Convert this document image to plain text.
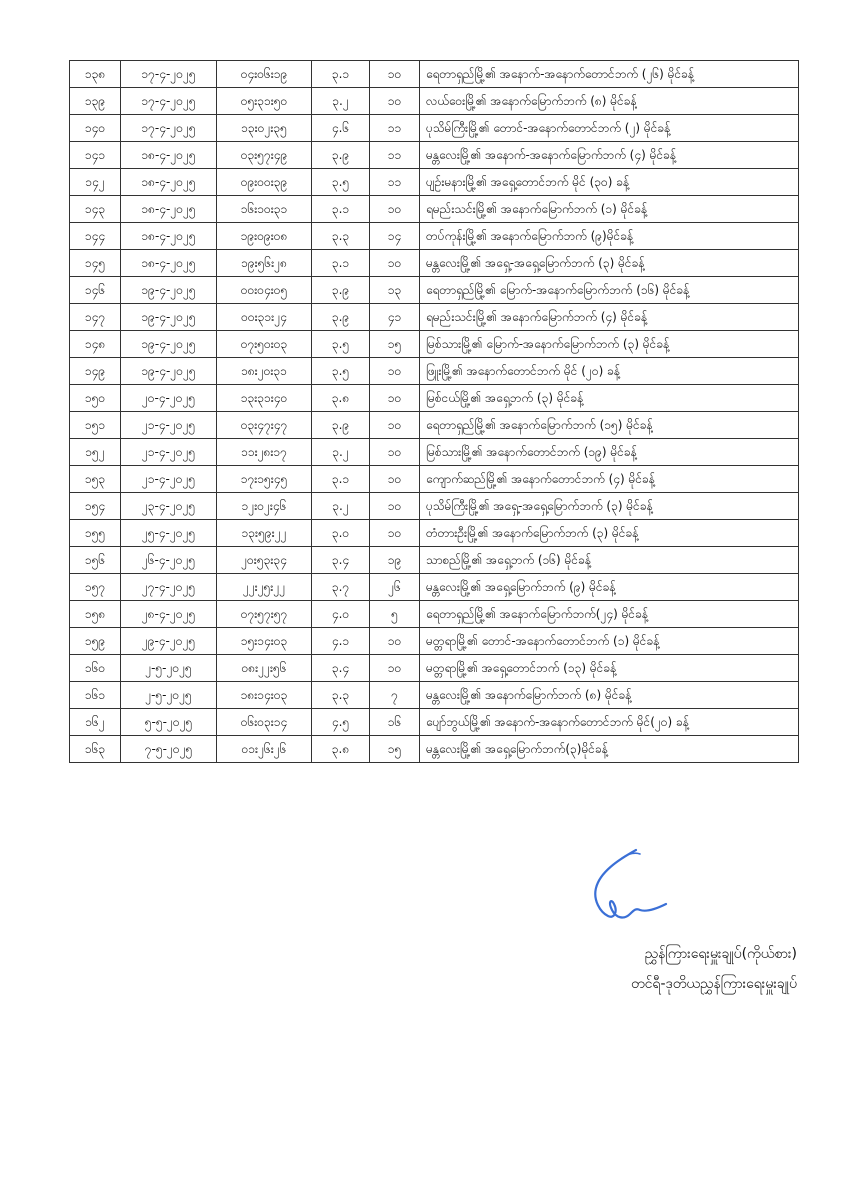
၁၃၈	၁၇-၄-၂၀၂၅	၀၄း၀၆း၁၉	၃.၁	၁၀	ရေတာရှည်မြို့၏ အနောက်-အနောက်တောင်ဘက် (၂၆) မိုင်ခန့်
၁၃၉	၁၇-၄-၂၀၂၅	၀၅း၃၁း၅၀	၃.၂	၁၀	လယ်ဝေးမြို့၏ အနောက်မြောက်ဘက် (၈) မိုင်ခန့်
၁၄၀	၁၇-၄-၂၀၂၅	၁၃း၀၂း၃၅	၄.၆	၁၁	ပုသိမ်ကြီးမြို့၏ တောင်-အနောက်တောင်ဘက် (၂) မိုင်ခန့်
၁၄၁	၁၈-၄-၂၀၂၅	၀၃း၅၇း၄၉	၃.၉	၁၁	မန္တလေးမြို့၏ အနောက်-အနောက်မြောက်ဘက် (၄) မိုင်ခန့်
၁၄၂	၁၈-၄-၂၀၂၅	၀၉း၀၀း၃၉	၃.၅	၁၁	ပျဉ်းမနားမြို့၏ အရှေ့တောင်ဘက် မိုင် (၃၀) ခန့်
၁၄၃	၁၈-၄-၂၀၂၅	၁၆း၁၀း၃၁	၃.၁	၁၀	ရမည်းသင်းမြို့၏ အနောက်မြောက်ဘက် (၁) မိုင်ခန့်
၁၄၄	၁၈-၄-၂၀၂၅	၁၉း၀၉း၀၈	၃.၃	၁၄	တပ်ကုန်းမြို့၏ အနောက်မြောက်ဘက် (၉)မိုင်ခန့်
၁၄၅	၁၈-၄-၂၀၂၅	၁၉း၅၆း၂၈	၃.၁	၁၀	မန္တလေးမြို့၏ အရှေ့-အရှေ့မြောက်ဘက် (၃) မိုင်ခန့်
၁၄၆	၁၉-၄-၂၀၂၅	၀၀း၀၄း၀၅	၃.၉	၁၃	ရေတာရှည်မြို့၏ မြောက်-အနောက်မြောက်ဘက် (၁၆) မိုင်ခန့်
၁၄၇	၁၉-၄-၂၀၂၅	၀၀း၃၁း၂၄	၃.၉	၄၁	ရမည်းသင်းမြို့၏ အနောက်မြောက်ဘက် (၄) မိုင်ခန့်
၁၄၈	၁၉-၄-၂၀၂၅	၀၇း၅၀း၀၃	၃.၅	၁၅	မြစ်သားမြို့၏ မြောက်-အနောက်မြောက်ဘက် (၃) မိုင်ခန့်
၁၄၉	၁၉-၄-၂၀၂၅	၁၈း၂၀း၃၁	၃.၅	၁၀	ဖြူးမြို့၏ အနောက်တောင်ဘက် မိုင် (၂၀) ခန့်
၁၅၀	၂၀-၄-၂၀၂၅	၁၃း၃၁း၄၀	၃.၈	၁၀	မြစ်ငယ်မြို့၏ အရှေ့ဘက် (၃) မိုင်ခန့်
၁၅၁	၂၁-၄-၂၀၂၅	၀၃း၄၇း၄၇	၃.၉	၁၀	ရေတာရှည်မြို့၏ အနောက်မြောက်ဘက် (၁၅) မိုင်ခန့်
၁၅၂	၂၁-၄-၂၀၂၅	၁၁း၂၈း၁၇	၃.၂	၁၀	မြစ်သားမြို့၏ အနောက်တောင်ဘက် (၁၉) မိုင်ခန့်
၁၅၃	၂၁-၄-၂၀၂၅	၁၇း၁၅း၄၅	၃.၁	၁၀	ကျောက်ဆည်မြို့၏ အနောက်တောင်ဘက် (၄) မိုင်ခန့်
၁၅၄	၂၃-၄-၂၀၂၅	၁၂း၀၂း၄၆	၃.၂	၁၀	ပုသိမ်ကြီးမြို့၏ အရှေ့-အရှေ့မြောက်ဘက် (၃) မိုင်ခန့်
၁၅၅	၂၅-၄-၂၀၂၅	၁၃း၅၉း၂၂	၃.၀	၁၀	တံတားဦးမြို့၏ အနောက်မြောက်ဘက် (၃) မိုင်ခန့်
၁၅၆	၂၆-၄-၂၀၂၅	၂၀း၅၃း၃၄	၃.၄	၁၉	သာစည်မြို့၏ အရှေ့ဘက် (၁၆) မိုင်ခန့်
၁၅၇	၂၇-၄-၂၀၂၅	၂၂း၂၅း၂၂	၃.၇	၂၆	မန္တလေးမြို့၏ အရှေ့မြောက်ဘက် (၉) မိုင်ခန့်
၁၅၈	၂၈-၄-၂၀၂၅	၀၇း၅၇း၅၇	၄.၀	၅	ရေတာရှည်မြို့၏ အနောက်မြောက်ဘက်(၂၄) မိုင်ခန့်
၁၅၉	၂၉-၄-၂၀၂၅	၁၅း၁၄း၀၃	၄.၁	၁၀	မတ္တရာမြို့၏ တောင်-အနောက်တောင်ဘက် (၁) မိုင်ခန့်
၁၆၀	၂-၅-၂၀၂၅	၀၈း၂၂း၅၆	၃.၄	၁၀	မတ္တရာမြို့၏ အရှေ့တောင်ဘက် (၁၃) မိုင်ခန့်
၁၆၁	၂-၅-၂၀၂၅	၁၈း၁၄း၀၃	၃.၃	၇	မန္တလေးမြို့၏ အနောက်မြောက်ဘက် (၈) မိုင်ခန့်
၁၆၂	၅-၅-၂၀၂၅	၀၆း၀၃း၁၄	၄.၅	၁၆	ပျော်ဘွယ်မြို့၏ အနောက်-အနောက်တောင်ဘက် မိုင်(၂၀) ခန့်
၁၆၃	၇-၅-၂၀၂၅	၀၁း၂၆း၂၆	၃.၈	၁၅	မန္တလေးမြို့၏ အရှေ့မြောက်ဘက်(၃)မိုင်ခန့်
ညွှန်ကြားရေးမှူးချုပ်(ကိုယ်စား)
တင်ရီ-ဒုတိယညွှန်ကြားရေးမှူးချုပ်
